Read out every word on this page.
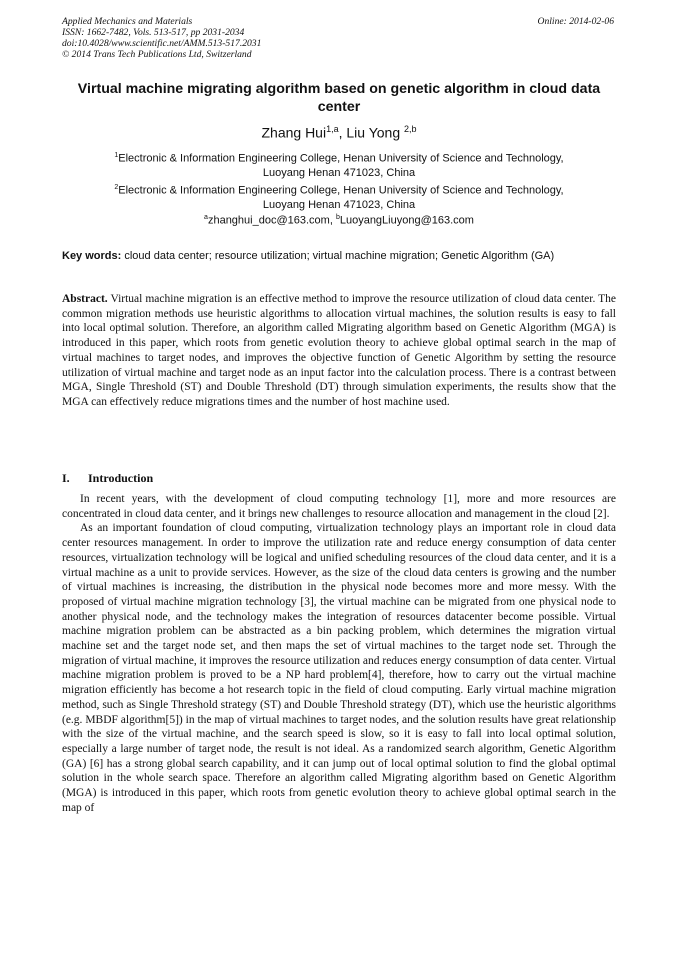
Applied Mechanics and Materials
ISSN: 1662-7482, Vols. 513-517, pp 2031-2034
doi:10.4028/www.scientific.net/AMM.513-517.2031
© 2014 Trans Tech Publications Ltd, Switzerland
Online: 2014-02-06
Virtual machine migrating algorithm based on genetic algorithm in cloud data center
Zhang Hui$^{1,a}$, Liu Yong $^{2,b}$
$^1$Electronic & Information Engineering College, Henan University of Science and Technology,
Luoyang Henan 471023, China
$^2$Electronic & Information Engineering College, Henan University of Science and Technology,
Luoyang Henan 471023, China
$^a$zhanghui_doc@163.com, $^b$LuoyangLiuyong@163.com
Key words: cloud data center; resource utilization; virtual machine migration; Genetic Algorithm (GA)
Abstract. Virtual machine migration is an effective method to improve the resource utilization of cloud data center. The common migration methods use heuristic algorithms to allocation virtual machines, the solution results is easy to fall into local optimal solution. Therefore, an algorithm called Migrating algorithm based on Genetic Algorithm (MGA) is introduced in this paper, which roots from genetic evolution theory to achieve global optimal search in the map of virtual machines to target nodes, and improves the objective function of Genetic Algorithm by setting the resource utilization of virtual machine and target node as an input factor into the calculation process. There is a contrast between MGA, Single Threshold (ST) and Double Threshold (DT) through simulation experiments, the results show that the MGA can effectively reduce migrations times and the number of host machine used.
I. Introduction

In recent years, with the development of cloud computing technology [1], more and more resources are concentrated in cloud data center, and it brings new challenges to resource allocation and management in the cloud [2].

As an important foundation of cloud computing, virtualization technology plays an important role in cloud data center resources management. In order to improve the utilization rate and reduce energy consumption of data center resources, virtualization technology will be logical and unified scheduling resources of the cloud data center, and it is a virtual machine as a unit to provide services. However, as the size of the cloud data centers is growing and the number of virtual machines is increasing, the distribution in the physical node becomes more and more messy. With the proposed of virtual machine migration technology [3], the virtual machine can be migrated from one physical node to another physical node, and the technology makes the integration of resources datacenter become possible. Virtual machine migration problem can be abstracted as a bin packing problem, which determines the migration virtual machine set and the target node set, and then maps the set of virtual machines to the target node set. Through the migration of virtual machine, it improves the resource utilization and reduces energy consumption of data center. Virtual machine migration problem is proved to be a NP hard problem[4], therefore, how to carry out the virtual machine migration efficiently has become a hot research topic in the field of cloud computing. Early virtual machine migration method, such as Single Threshold strategy (ST) and Double Threshold strategy (DT), which use the heuristic algorithms (e.g. MBDF algorithm[5]) in the map of virtual machines to target nodes, and the solution results have great relationship with the size of the virtual machine, and the search speed is slow, so it is easy to fall into local optimal solution, especially a large number of target node, the result is not ideal. As a randomized search algorithm, Genetic Algorithm (GA) [6] has a strong global search capability, and it can jump out of local optimal solution to find the global optimal solution in the whole search space. Therefore an algorithm called Migrating algorithm based on Genetic Algorithm (MGA) is introduced in this paper, which roots from genetic evolution theory to achieve global optimal search in the map of
